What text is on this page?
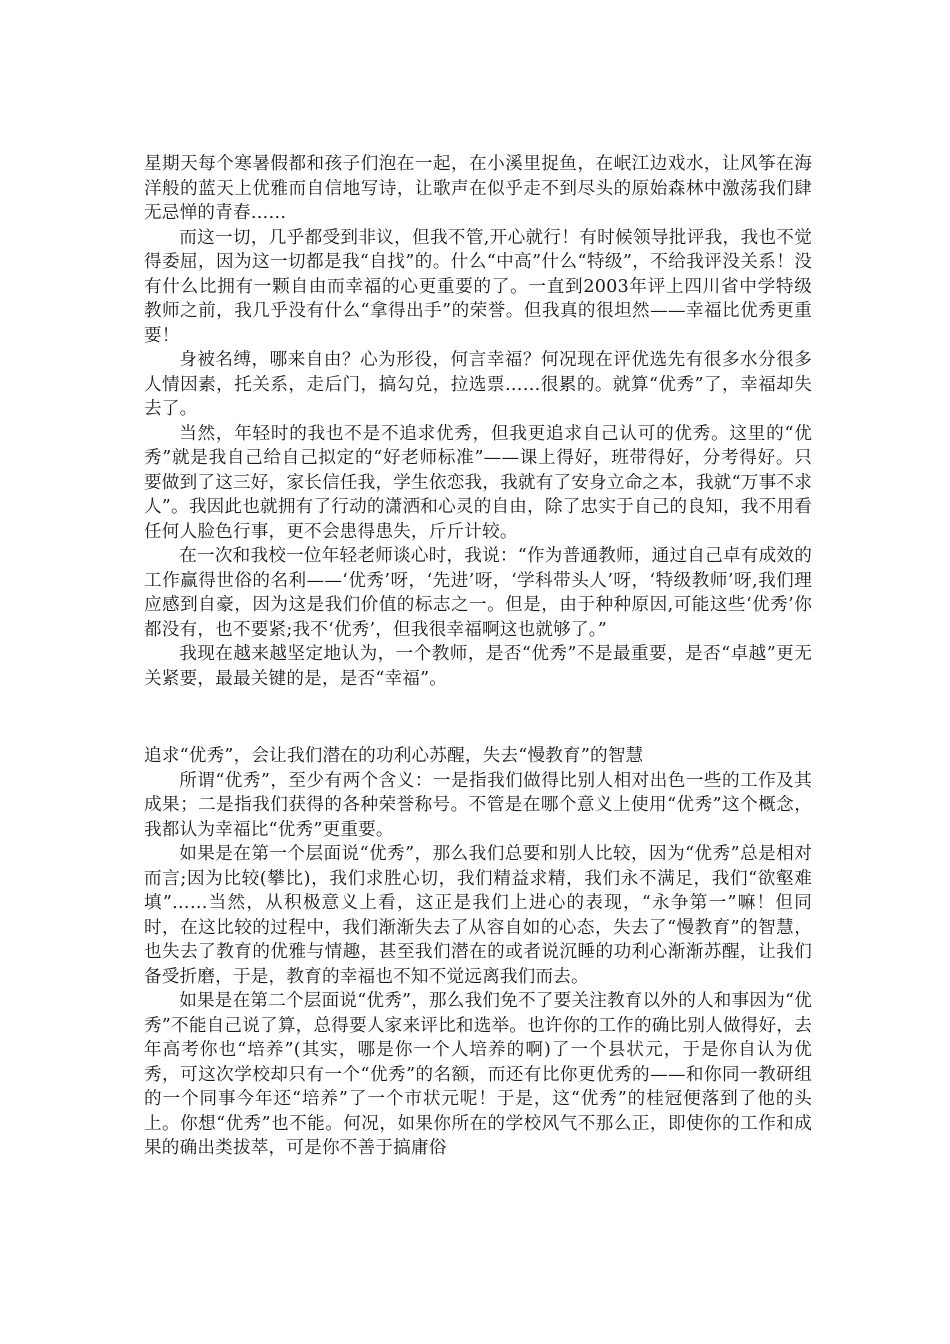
星期天每个寒暑假都和孩子们泡在一起，在小溪里捉鱼，在岷江边戏水，让风筝在海洋般的蓝天上优雅而自信地写诗，让歌声在似乎走不到尽头的原始森林中激荡我们肆无忌惮的青春……

而这一切，几乎都受到非议，但我不管,开心就行！有时候领导批评我，我也不觉得委屈，因为这一切都是我“自找”的。什么“中高”什么“特级”，不给我评没关系！没有什么比拥有一颗自由而幸福的心更重要的了。一直到2003年评上四川省中学特级教师之前，我几乎没有什么“拿得出手”的荣誉。但我真的很坦然——幸福比优秀更重要！

身被名缚，哪来自由？心为形役，何言幸福？何况现在评优选先有很多水分很多人情因素，托关系，走后门，搞勾兑，拉选票……很累的。就算“优秀”了，幸福却失去了。

当然，年轻时的我也不是不追求优秀，但我更追求自己认可的优秀。这里的“优秀”就是我自己给自己拟定的“好老师标准”——课上得好，班带得好，分考得好。只要做到了这三好，家长信任我，学生依恋我，我就有了安身立命之本，我就“万事不求人”。我因此也就拥有了行动的潇洒和心灵的自由，除了忠实于自己的良知，我不用看任何人脸色行事，更不会患得患失，斤斤计较。

在一次和我校一位年轻老师谈心时，我说：“作为普通教师，通过自己卓有成效的工作赢得世俗的名利——‘优秀’呀，‘先进’呀，‘学科带头人’呀，‘特级教师’呀,我们理应感到自豪，因为这是我们价值的标志之一。但是，由于种种原因,可能这些‘优秀’你都没有，也不要紧;我不‘优秀’，但我很幸福啊这也就够了。”

我现在越来越坚定地认为，一个教师，是否“优秀”不是最重要，是否“卓越”更无关紧要，最最关键的是，是否“幸福”。

追求“优秀”，会让我们潜在的功利心苏醒，失去“慢教育”的智慧

所谓“优秀”，至少有两个含义：一是指我们做得比别人相对出色一些的工作及其成果；二是指我们获得的各种荣誉称号。不管是在哪个意义上使用“优秀”这个概念，我都认为幸福比“优秀”更重要。

如果是在第一个层面说“优秀”，那么我们总要和别人比较，因为“优秀”总是相对而言;因为比较(攀比)，我们求胜心切，我们精益求精，我们永不满足，我们“欲壑难填”……当然，从积极意义上看，这正是我们上进心的表现，“永争第一”嘛！但同时，在这比较的过程中，我们渐渐失去了从容自如的心态，失去了“慢教育”的智慧，也失去了教育的优雅与情趣，甚至我们潜在的或者说沉睡的功利心渐渐苏醒，让我们备受折磨，于是，教育的幸福也不知不觉远离我们而去。

如果是在第二个层面说“优秀”，那么我们免不了要关注教育以外的人和事因为“优秀”不能自己说了算，总得要人家来评比和选举。也许你的工作的确比别人做得好，去年高考你也“培养”(其实，哪是你一个人培养的啊)了一个县状元，于是你自认为优秀，可这次学校却只有一个“优秀”的名额，而还有比你更优秀的——和你同一教研组的一个同事今年还“培养”了一个市状元呢！于是，这“优秀”的桂冠便落到了他的头上。你想“优秀”也不能。何况，如果你所在的学校风气不那么正，即使你的工作和成果的确出类拔萃，可是你不善于搞庸俗
